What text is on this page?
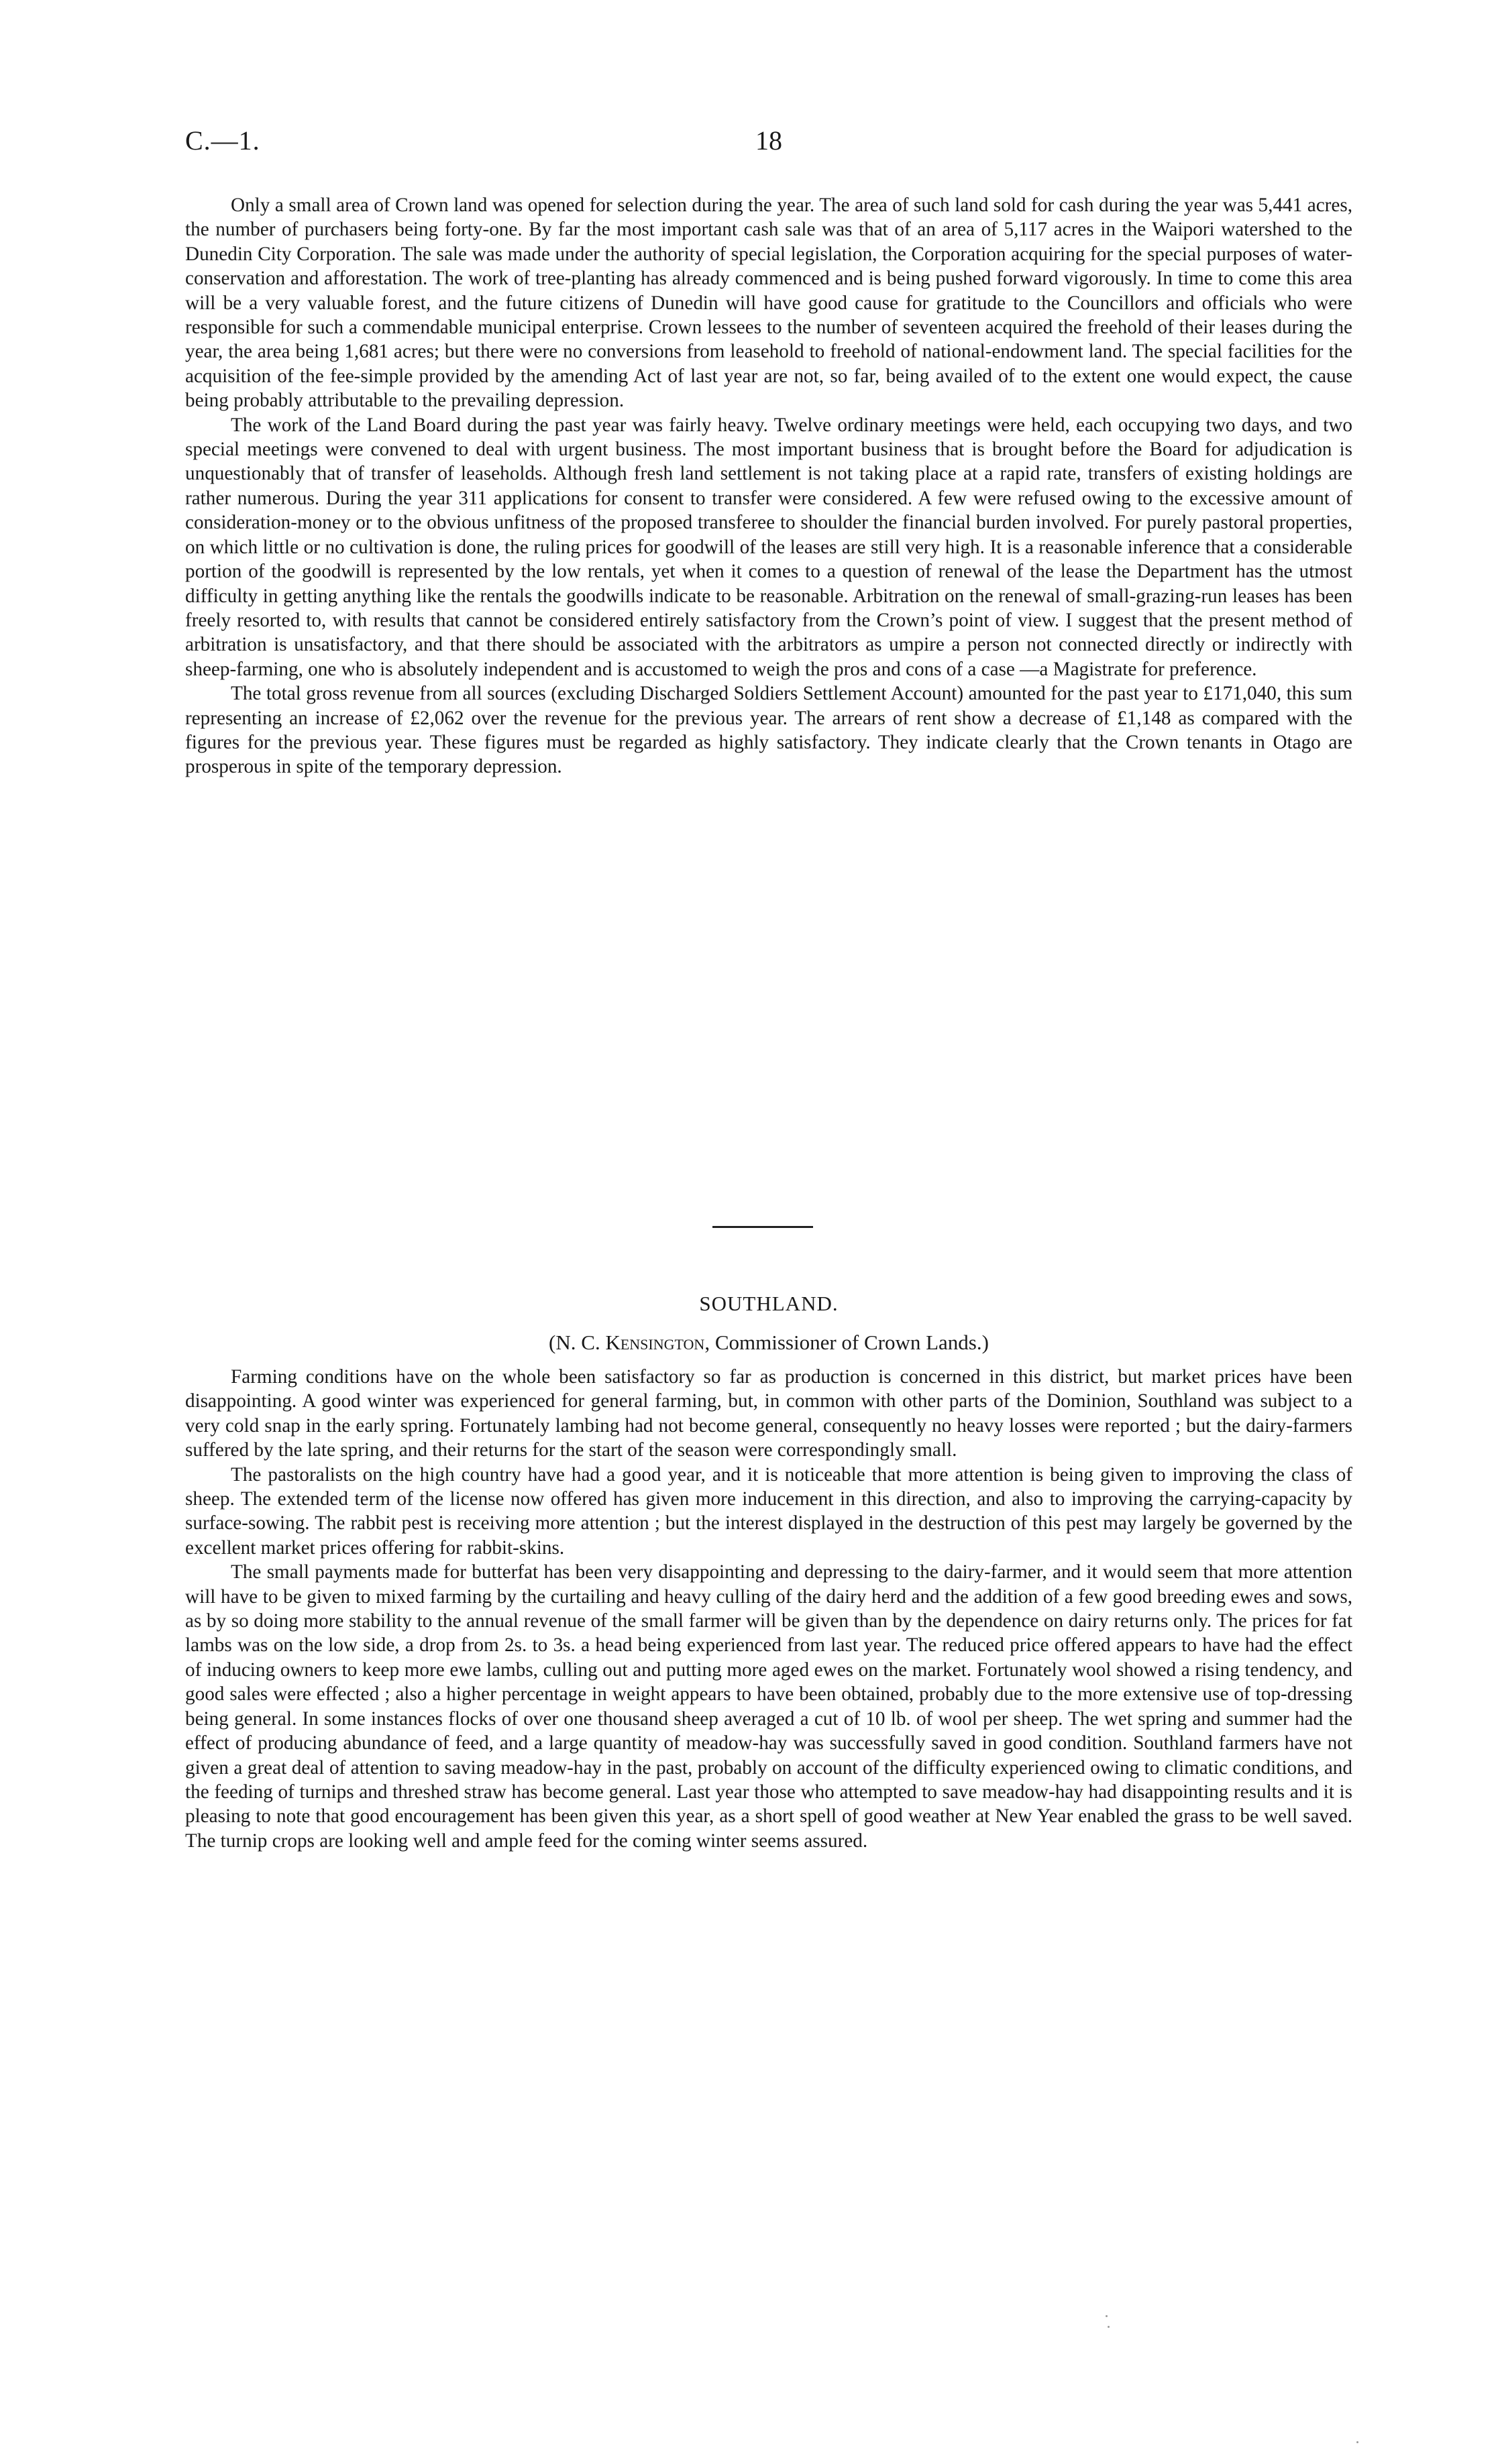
C.—1.	18

Only a small area of Crown land was opened for selection during the year. The area of such land sold for cash during the year was 5,441 acres, the number of purchasers being forty-one. By far the most important cash sale was that of an area of 5,117 acres in the Waipori watershed to the Dunedin City Corporation. The sale was made under the authority of special legislation, the Corporation acquiring for the special purposes of water-conservation and afforestation. The work of tree-planting has already commenced and is being pushed forward vigorously. In time to come this area will be a very valuable forest, and the future citizens of Dunedin will have good cause for gratitude to the Councillors and officials who were responsible for such a commendable municipal enterprise. Crown lessees to the number of seventeen acquired the freehold of their leases during the year, the area being 1,681 acres; but there were no conversions from leasehold to freehold of national-endowment land. The special facilities for the acquisition of the fee-simple provided by the amending Act of last year are not, so far, being availed of to the extent one would expect, the cause being probably attributable to the prevailing depression.

The work of the Land Board during the past year was fairly heavy. Twelve ordinary meetings were held, each occupying two days, and two special meetings were convened to deal with urgent business. The most important business that is brought before the Board for adjudication is unquestionably that of transfer of leaseholds. Although fresh land settlement is not taking place at a rapid rate, transfers of existing holdings are rather numerous. During the year 311 applications for consent to transfer were considered. A few were refused owing to the excessive amount of consideration-money or to the obvious unfitness of the proposed transferee to shoulder the financial burden involved. For purely pastoral properties, on which little or no cultivation is done, the ruling prices for goodwill of the leases are still very high. It is a reasonable inference that a considerable portion of the goodwill is represented by the low rentals, yet when it comes to a question of renewal of the lease the Department has the utmost difficulty in getting anything like the rentals the goodwills indicate to be reasonable. Arbitration on the renewal of small-grazing-run leases has been freely resorted to, with results that cannot be considered entirely satisfactory from the Crown’s point of view. I suggest that the present method of arbitration is unsatisfactory, and that there should be associated with the arbitrators as umpire a person not connected directly or indirectly with sheep-farming, one who is absolutely independent and is accustomed to weigh the pros and cons of a case —a Magistrate for preference.

The total gross revenue from all sources (excluding Discharged Soldiers Settlement Account) amounted for the past year to £171,040, this sum representing an increase of £2,062 over the revenue for the previous year. The arrears of rent show a decrease of £1,148 as compared with the figures for the previous year. These figures must be regarded as highly satisfactory. They indicate clearly that the Crown tenants in Otago are prosperous in spite of the temporary depression.

SOUTHLAND.
(N. C. Kensington, Commissioner of Crown Lands.)

Farming conditions have on the whole been satisfactory so far as production is concerned in this district, but market prices have been disappointing. A good winter was experienced for general farming, but, in common with other parts of the Dominion, Southland was subject to a very cold snap in the early spring. Fortunately lambing had not become general, consequently no heavy losses were reported ; but the dairy-farmers suffered by the late spring, and their returns for the start of the season were correspondingly small.

The pastoralists on the high country have had a good year, and it is noticeable that more attention is being given to improving the class of sheep. The extended term of the license now offered has given more inducement in this direction, and also to improving the carrying-capacity by surface-sowing. The rabbit pest is receiving more attention ; but the interest displayed in the destruction of this pest may largely be governed by the excellent market prices offering for rabbit-skins.

The small payments made for butterfat has been very disappointing and depressing to the dairy-farmer, and it would seem that more attention will have to be given to mixed farming by the curtailing and heavy culling of the dairy herd and the addition of a few good breeding ewes and sows, as by so doing more stability to the annual revenue of the small farmer will be given than by the dependence on dairy returns only. The prices for fat lambs was on the low side, a drop from 2s. to 3s. a head being experienced from last year. The reduced price offered appears to have had the effect of inducing owners to keep more ewe lambs, culling out and putting more aged ewes on the market. Fortunately wool showed a rising tendency, and good sales were effected ; also a higher percentage in weight appears to have been obtained, probably due to the more extensive use of top-dressing being general. In some instances flocks of over one thousand sheep averaged a cut of 10 lb. of wool per sheep. The wet spring and summer had the effect of producing abundance of feed, and a large quantity of meadow-hay was successfully saved in good condition. Southland farmers have not given a great deal of attention to saving meadow-hay in the past, probably on account of the difficulty experienced owing to climatic conditions, and the feeding of turnips and threshed straw has become general. Last year those who attempted to save meadow-hay had disappointing results and it is pleasing to note that good encouragement has been given this year, as a short spell of good weather at New Year enabled the grass to be well saved. The turnip crops are looking well and ample feed for the coming winter seems assured.
